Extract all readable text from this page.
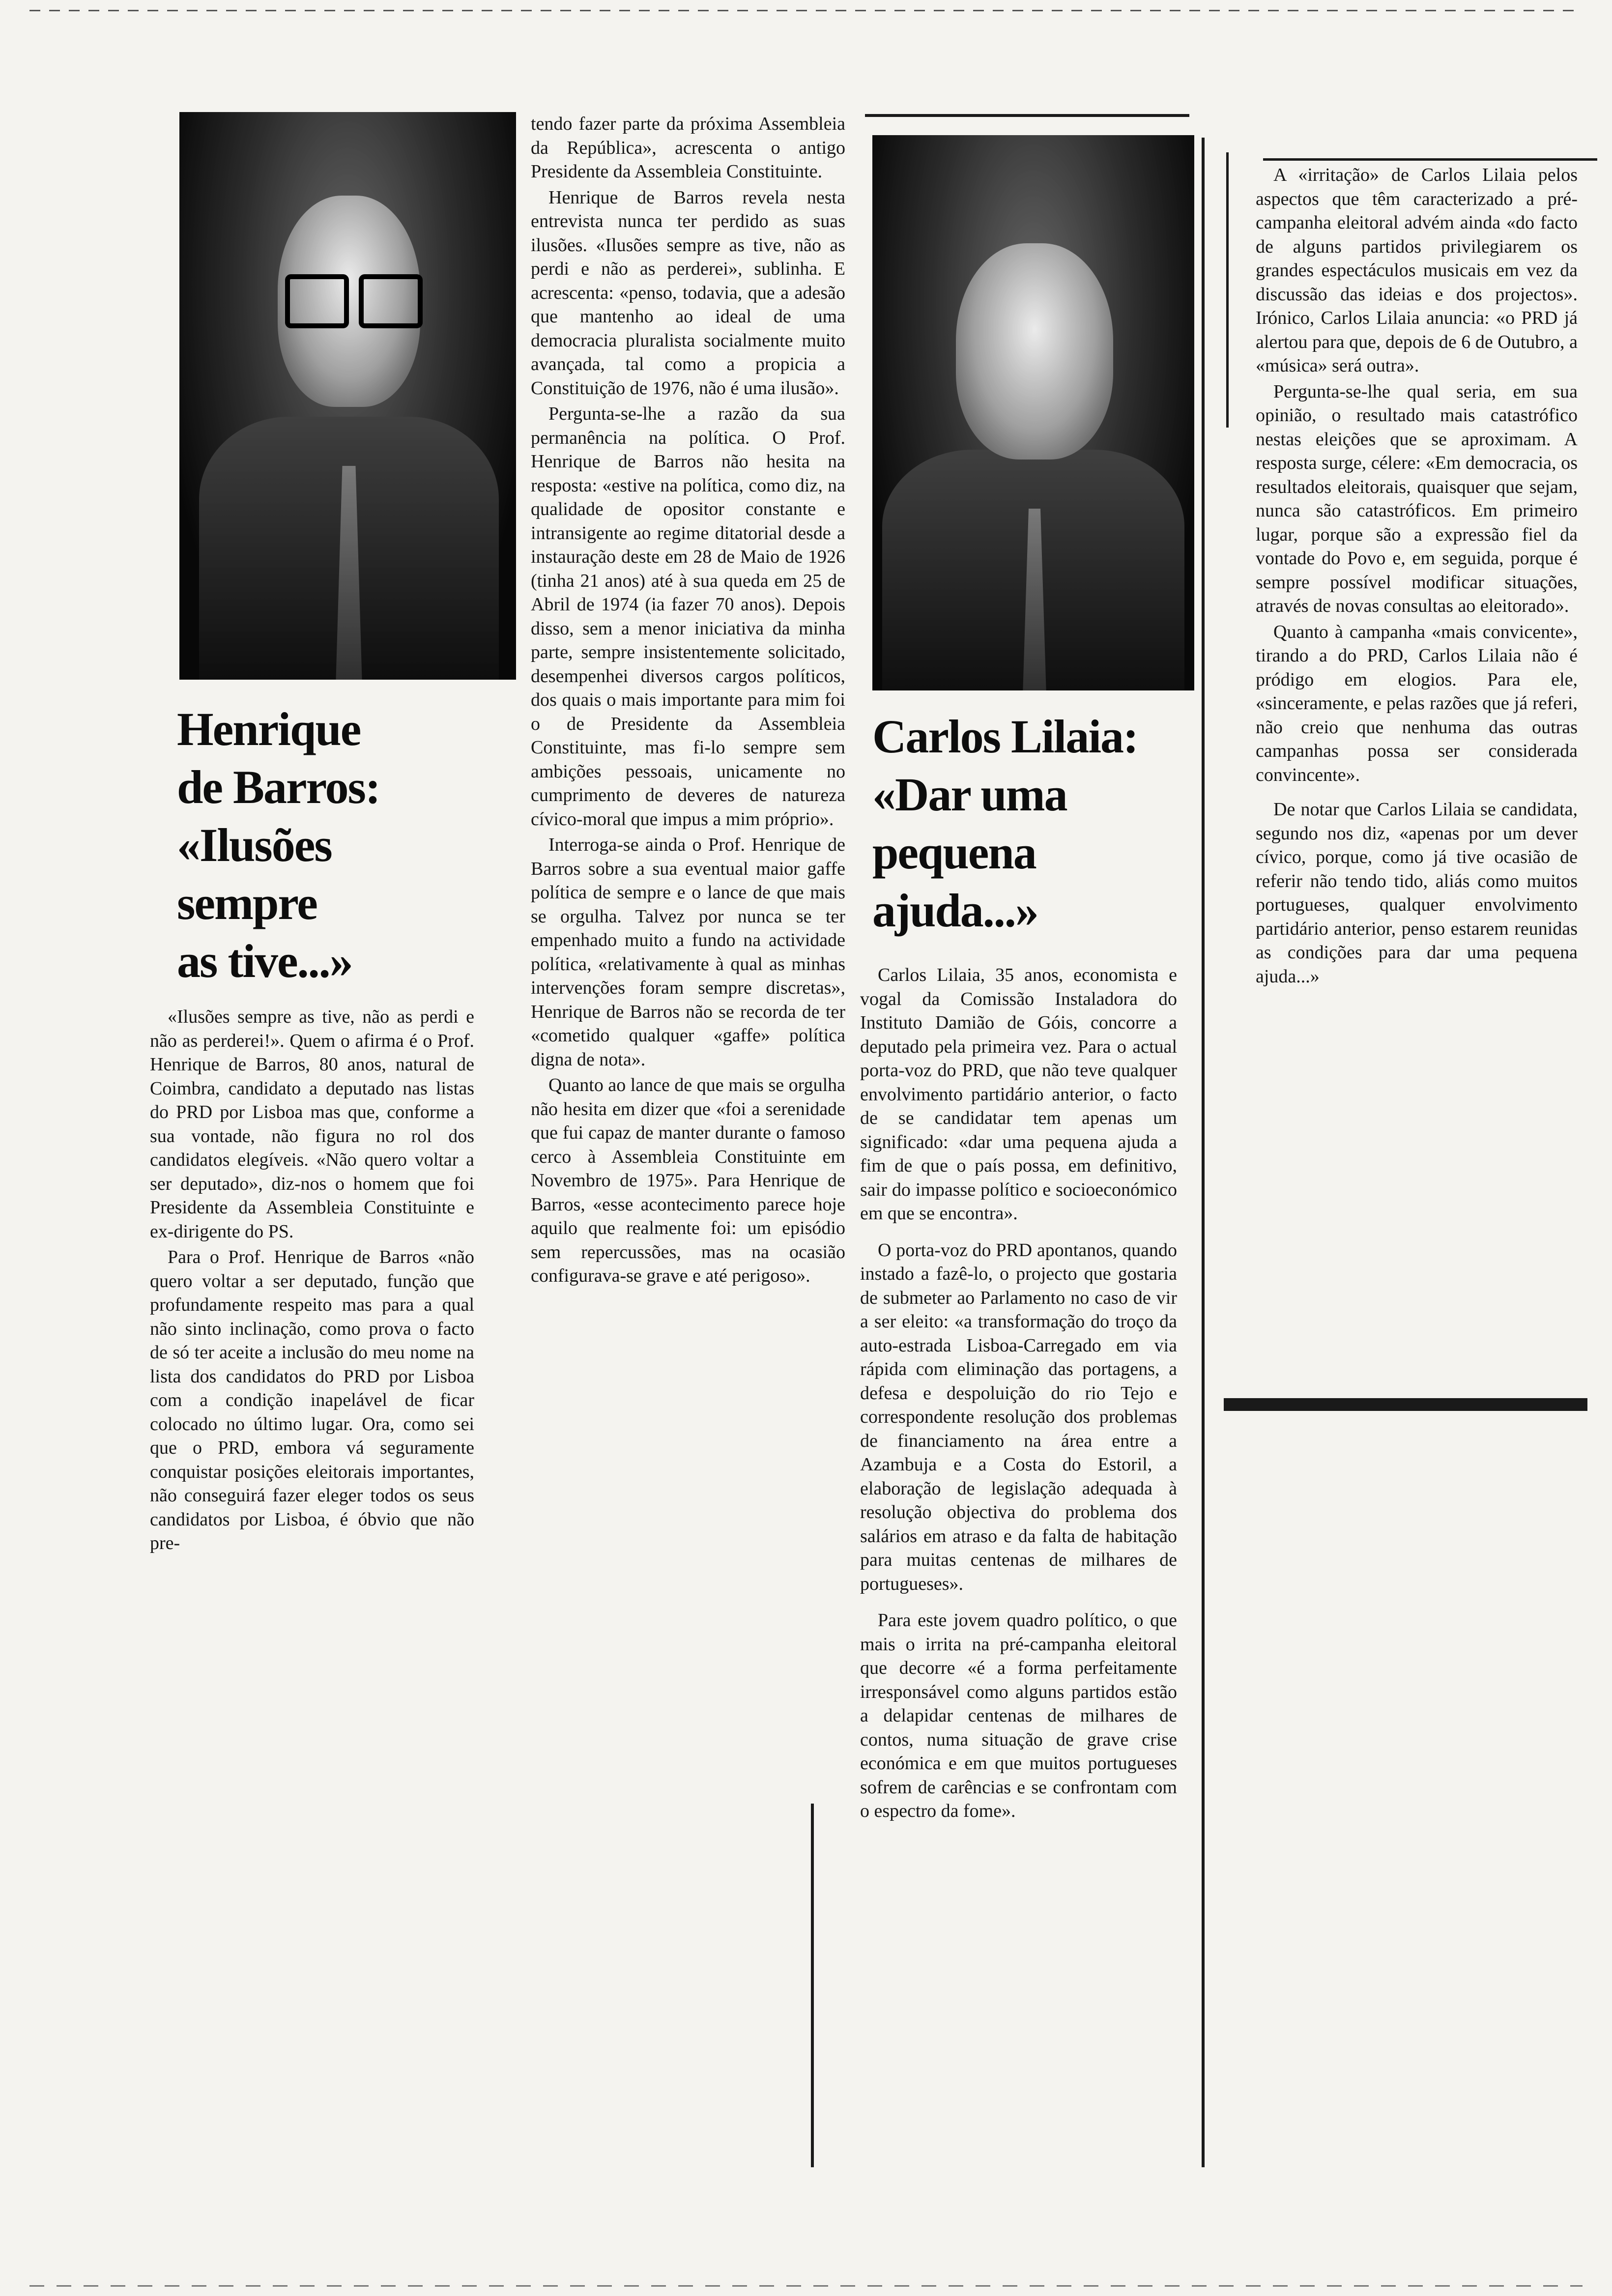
Henrique
de Barros:
«Ilusões
sempre
as tive...»

«Ilusões sempre as tive, não as perdi e não as perderei!». Quem o afirma é o Prof. Henrique de Barros, 80 anos, natural de Coimbra, candidato a deputado nas listas do PRD por Lisboa mas que, conforme a sua vontade, não figura no rol dos candidatos elegíveis. «Não quero voltar a ser deputado», diz-nos o homem que foi Presidente da Assembleia Constituinte e ex-dirigente do PS.

Para o Prof. Henrique de Barros «não quero voltar a ser deputado, função que profundamente respeito mas para a qual não sinto inclinação, como prova o facto de só ter aceite a inclusão do meu nome na lista dos candidatos do PRD por Lisboa com a condição inapelável de ficar colocado no último lugar. Ora, como sei que o PRD, embora vá seguramente conquistar posições eleitorais importantes, não conseguirá fazer eleger todos os seus candidatos por Lisboa, é óbvio que não pre-

tendo fazer parte da próxima Assembleia da República», acrescenta o antigo Presidente da Assembleia Constituinte.

Henrique de Barros revela nesta entrevista nunca ter perdido as suas ilusões. «Ilusões sempre as tive, não as perdi e não as perderei», sublinha. E acrescenta: «penso, todavia, que a adesão que mantenho ao ideal de uma democracia pluralista socialmente muito avançada, tal como a propicia a Constituição de 1976, não é uma ilusão».

Pergunta-se-lhe a razão da sua permanência na política. O Prof. Henrique de Barros não hesita na resposta: «estive na política, como diz, na qualidade de opositor constante e intransigente ao regime ditatorial desde a instauração deste em 28 de Maio de 1926 (tinha 21 anos) até à sua queda em 25 de Abril de 1974 (ia fazer 70 anos). Depois disso, sem a menor iniciativa da minha parte, sempre insistentemente solicitado, desempenhei diversos cargos políticos, dos quais o mais importante para mim foi o de Presidente da Assembleia Constituinte, mas fi-lo sempre sem ambições pessoais, unicamente no cumprimento de deveres de natureza cívico-moral que impus a mim próprio».

Interroga-se ainda o Prof. Henrique de Barros sobre a sua eventual maior gaffe política de sempre e o lance de que mais se orgulha. Talvez por nunca se ter empenhado muito a fundo na actividade política, «relativamente à qual as minhas intervenções foram sempre discretas», Henrique de Barros não se recorda de ter «cometido qualquer «gaffe» política digna de nota».

Quanto ao lance de que mais se orgulha não hesita em dizer que «foi a serenidade que fui capaz de manter durante o famoso cerco à Assembleia Constituinte em Novembro de 1975». Para Henrique de Barros, «esse acontecimento parece hoje aquilo que realmente foi: um episódio sem repercussões, mas na ocasião configurava-se grave e até perigoso».

Carlos Lilaia:
«Dar uma
pequena
ajuda...»

Carlos Lilaia, 35 anos, economista e vogal da Comissão Instaladora do Instituto Damião de Góis, concorre a deputado pela primeira vez. Para o actual porta-voz do PRD, que não teve qualquer envolvimento partidário anterior, o facto de se candidatar tem apenas um significado: «dar uma pequena ajuda a fim de que o país possa, em definitivo, sair do impasse político e socioeconómico em que se encontra».

O porta-voz do PRD apontanos, quando instado a fazê-lo, o projecto que gostaria de submeter ao Parlamento no caso de vir a ser eleito: «a transformação do troço da auto-estrada Lisboa-Carregado em via rápida com eliminação das portagens, a defesa e despoluição do rio Tejo e correspondente resolução dos problemas de financiamento na área entre a Azambuja e a Costa do Estoril, a elaboração de legislação adequada à resolução objectiva do problema dos salários em atraso e da falta de habitação para muitas centenas de milhares de portugueses».

Para este jovem quadro político, o que mais o irrita na pré-campanha eleitoral que decorre «é a forma perfeitamente irresponsável como alguns partidos estão a delapidar centenas de milhares de contos, numa situação de grave crise económica e em que muitos portugueses sofrem de carências e se confrontam com o espectro da fome».

A «irritação» de Carlos Lilaia pelos aspectos que têm caracterizado a pré-campanha eleitoral advém ainda «do facto de alguns partidos privilegiarem os grandes espectáculos musicais em vez da discussão das ideias e dos projectos». Irónico, Carlos Lilaia anuncia: «o PRD já alertou para que, depois de 6 de Outubro, a «música» será outra».

Pergunta-se-lhe qual seria, em sua opinião, o resultado mais catastrófico nestas eleições que se aproximam. A resposta surge, célere: «Em democracia, os resultados eleitorais, quaisquer que sejam, nunca são catastróficos. Em primeiro lugar, porque são a expressão fiel da vontade do Povo e, em seguida, porque é sempre possível modificar situações, através de novas consultas ao eleitorado».

Quanto à campanha «mais convicente», tirando a do PRD, Carlos Lilaia não é pródigo em elogios. Para ele, «sinceramente, e pelas razões que já referi, não creio que nenhuma das outras campanhas possa ser considerada convincente».

De notar que Carlos Lilaia se candidata, segundo nos diz, «apenas por um dever cívico, porque, como já tive ocasião de referir não tendo tido, aliás como muitos portugueses, qualquer envolvimento partidário anterior, penso estarem reunidas as condições para dar uma pequena ajuda...»
